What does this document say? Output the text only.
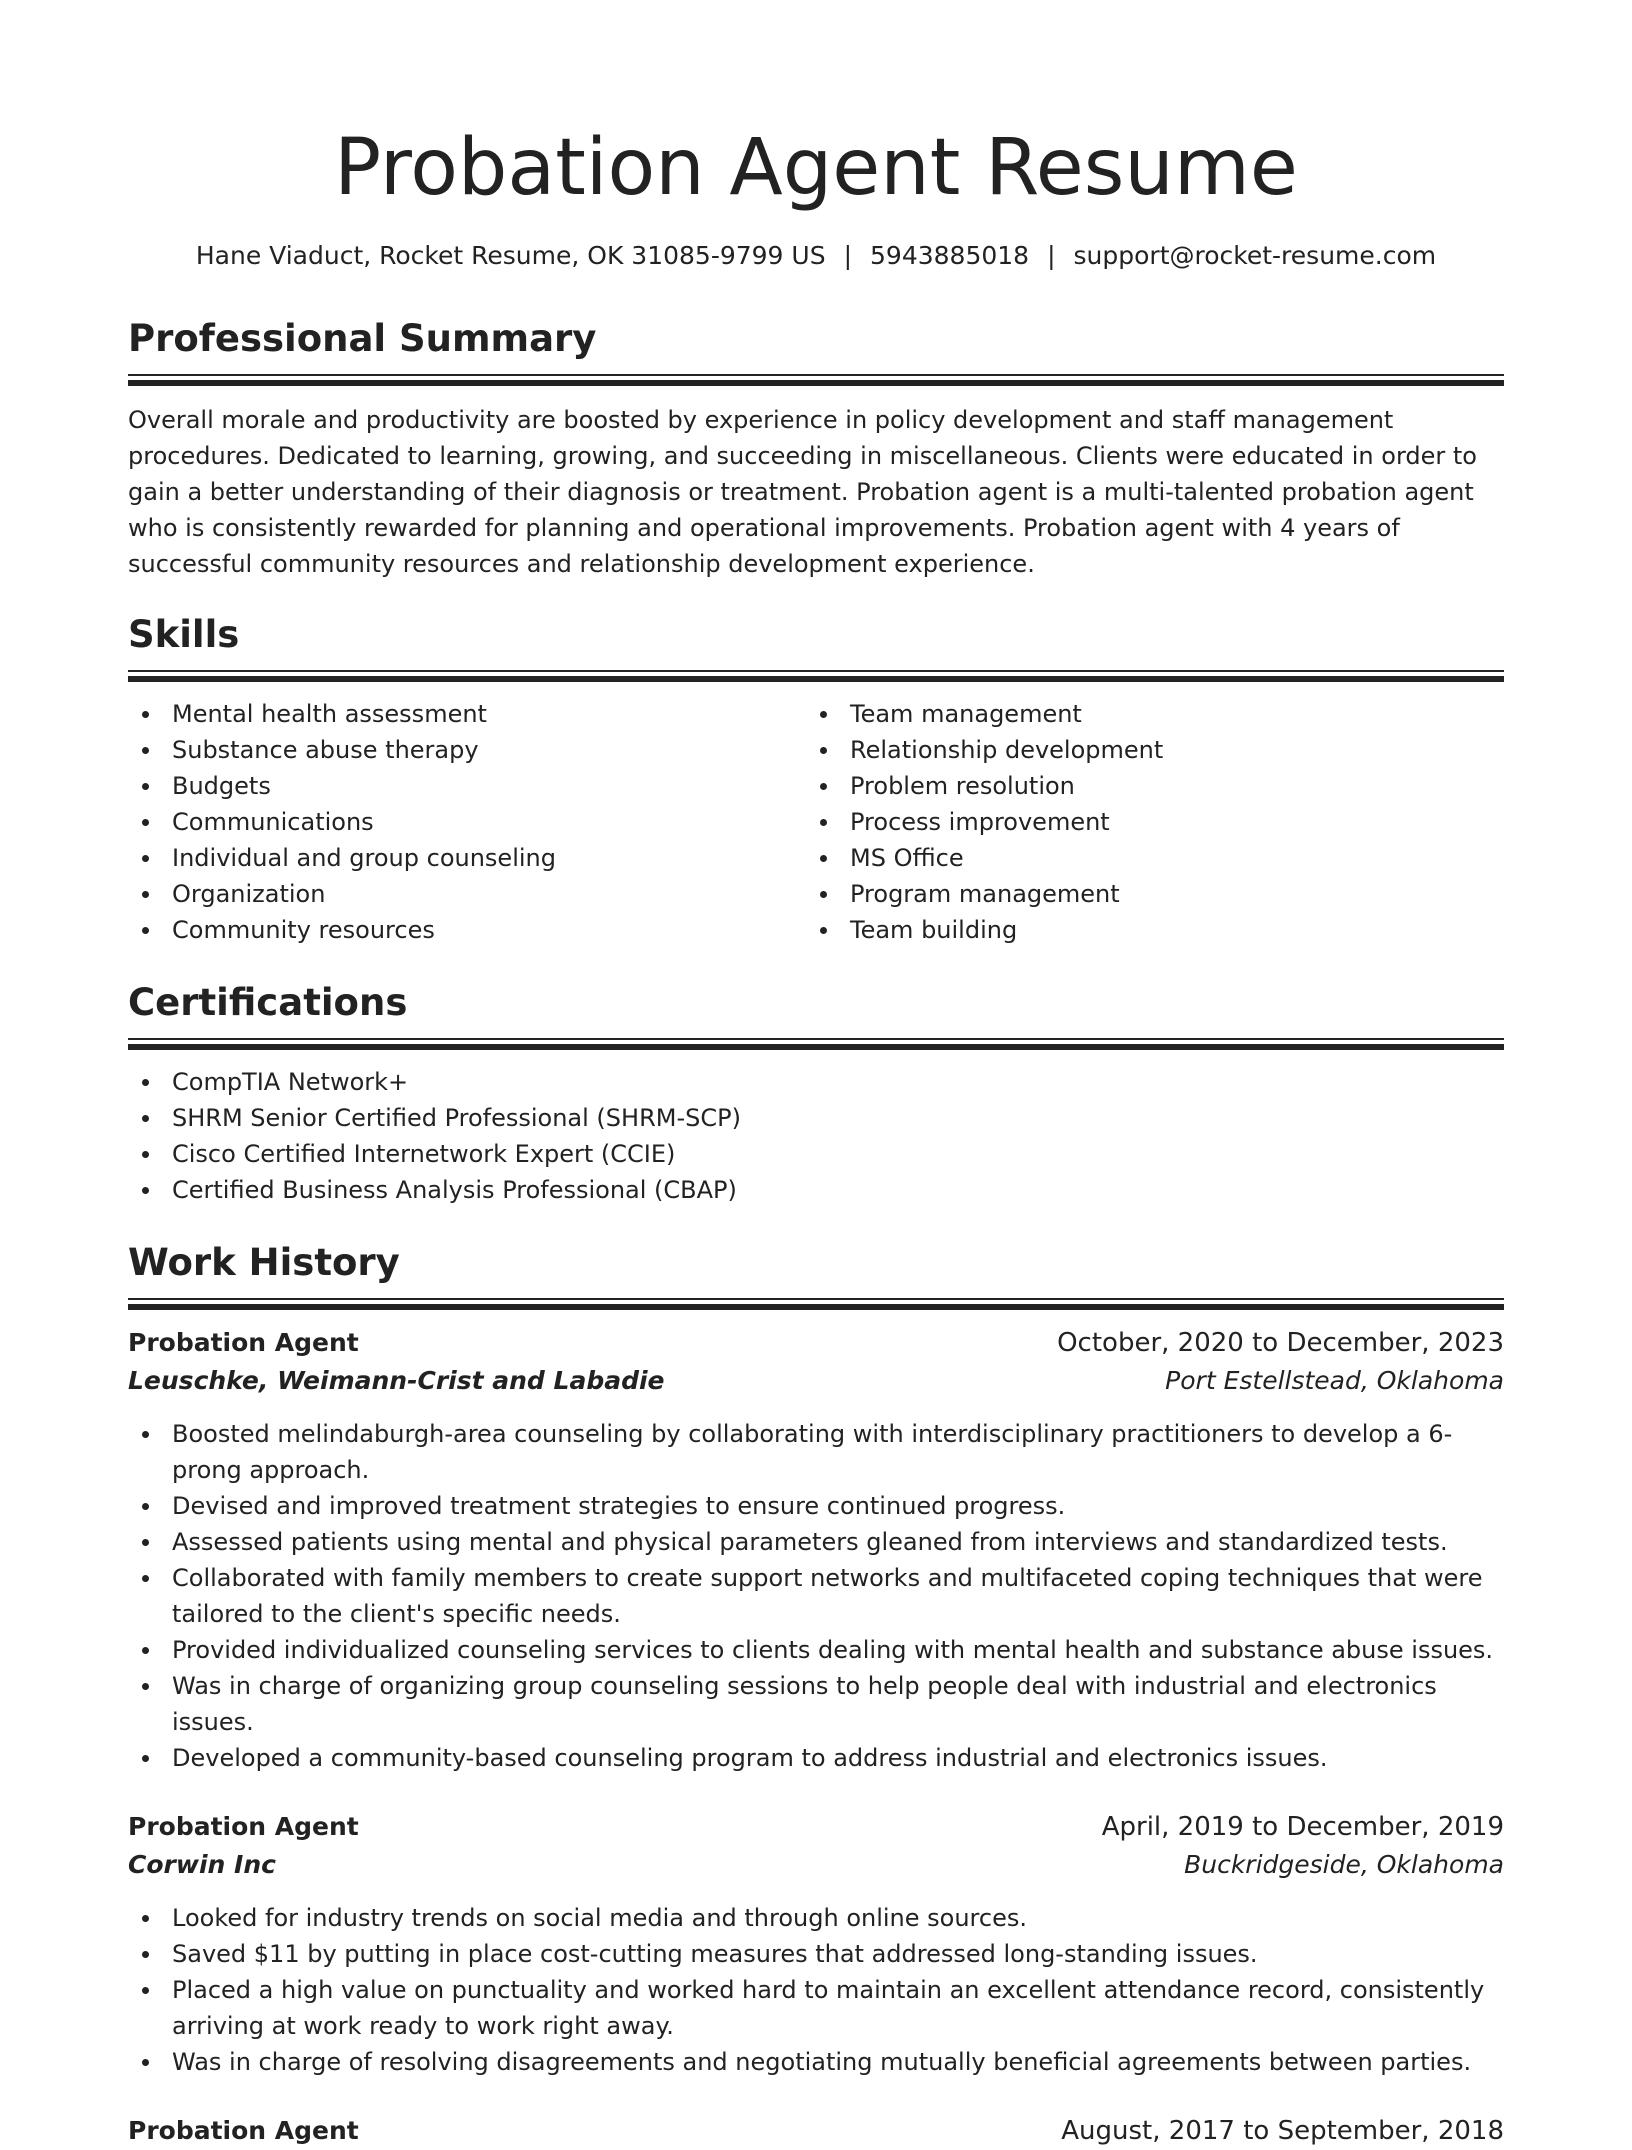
Probation Agent Resume
Hane Viaduct, Rocket Resume, OK 31085-9799 US | 5943885018 | support@rocket-resume.com
Professional Summary
Overall morale and productivity are boosted by experience in policy development and staff management procedures. Dedicated to learning, growing, and succeeding in miscellaneous. Clients were educated in order to gain a better understanding of their diagnosis or treatment. Probation agent is a multi-talented probation agent who is consistently rewarded for planning and operational improvements. Probation agent with 4 years of successful community resources and relationship development experience.
Skills
Mental health assessment
Substance abuse therapy
Budgets
Communications
Individual and group counseling
Organization
Community resources
Team management
Relationship development
Problem resolution
Process improvement
MS Office
Program management
Team building
Certifications
CompTIA Network+
SHRM Senior Certified Professional (SHRM-SCP)
Cisco Certified Internetwork Expert (CCIE)
Certified Business Analysis Professional (CBAP)
Work History
Probation Agent	October, 2020 to December, 2023
Leuschke, Weimann-Crist and Labadie	Port Estellstead, Oklahoma
Boosted melindaburgh-area counseling by collaborating with interdisciplinary practitioners to develop a 6-prong approach.
Devised and improved treatment strategies to ensure continued progress.
Assessed patients using mental and physical parameters gleaned from interviews and standardized tests.
Collaborated with family members to create support networks and multifaceted coping techniques that were tailored to the client's specific needs.
Provided individualized counseling services to clients dealing with mental health and substance abuse issues.
Was in charge of organizing group counseling sessions to help people deal with industrial and electronics issues.
Developed a community-based counseling program to address industrial and electronics issues.
Probation Agent	April, 2019 to December, 2019
Corwin Inc	Buckridgeside, Oklahoma
Looked for industry trends on social media and through online sources.
Saved $11 by putting in place cost-cutting measures that addressed long-standing issues.
Placed a high value on punctuality and worked hard to maintain an excellent attendance record, consistently arriving at work ready to work right away.
Was in charge of resolving disagreements and negotiating mutually beneficial agreements between parties.
Probation Agent	August, 2017 to September, 2018
